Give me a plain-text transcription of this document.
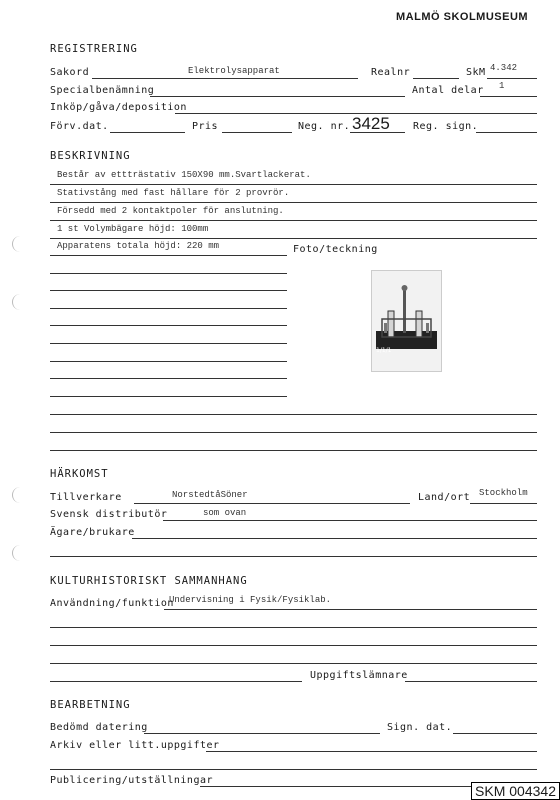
MALMÖ SKOLMUSEUM
REGISTRERING
Sakord	Elektrolysapparat	Realnr	SkM 4.342
Specialbenämning	Antal delar 1
Inköp/gåva/deposition
Förv.dat.	Pris	Neg. nr. 3425 Reg. sign.
BESKRIVNING
Består av ettträstativ 150X90 mm.Svartlackerat.
Stativstång med fast hållare för 2 provrör.
Försedd med 2 kontaktpoler för anslutning.
1 st Volymbägare höjd: 100mm
Apparatens totala höjd: 220 mm	Foto/teckning
1/1/1
HÄRKOMST
Tillverkare	NorstedtåSöner	Land/ort Stockholm
Svensk distributör	som ovan
Ägare/brukare
KULTURHISTORISKT SAMMANHANG
Användning/funktion
Undervisning i Fysik/Fysiklab.
Uppgiftslämnare
BEARBETNING
Bedömd datering	Sign. dat.
Arkiv eller litt.uppgifter
Publicering/utställningar
SKM 004342
